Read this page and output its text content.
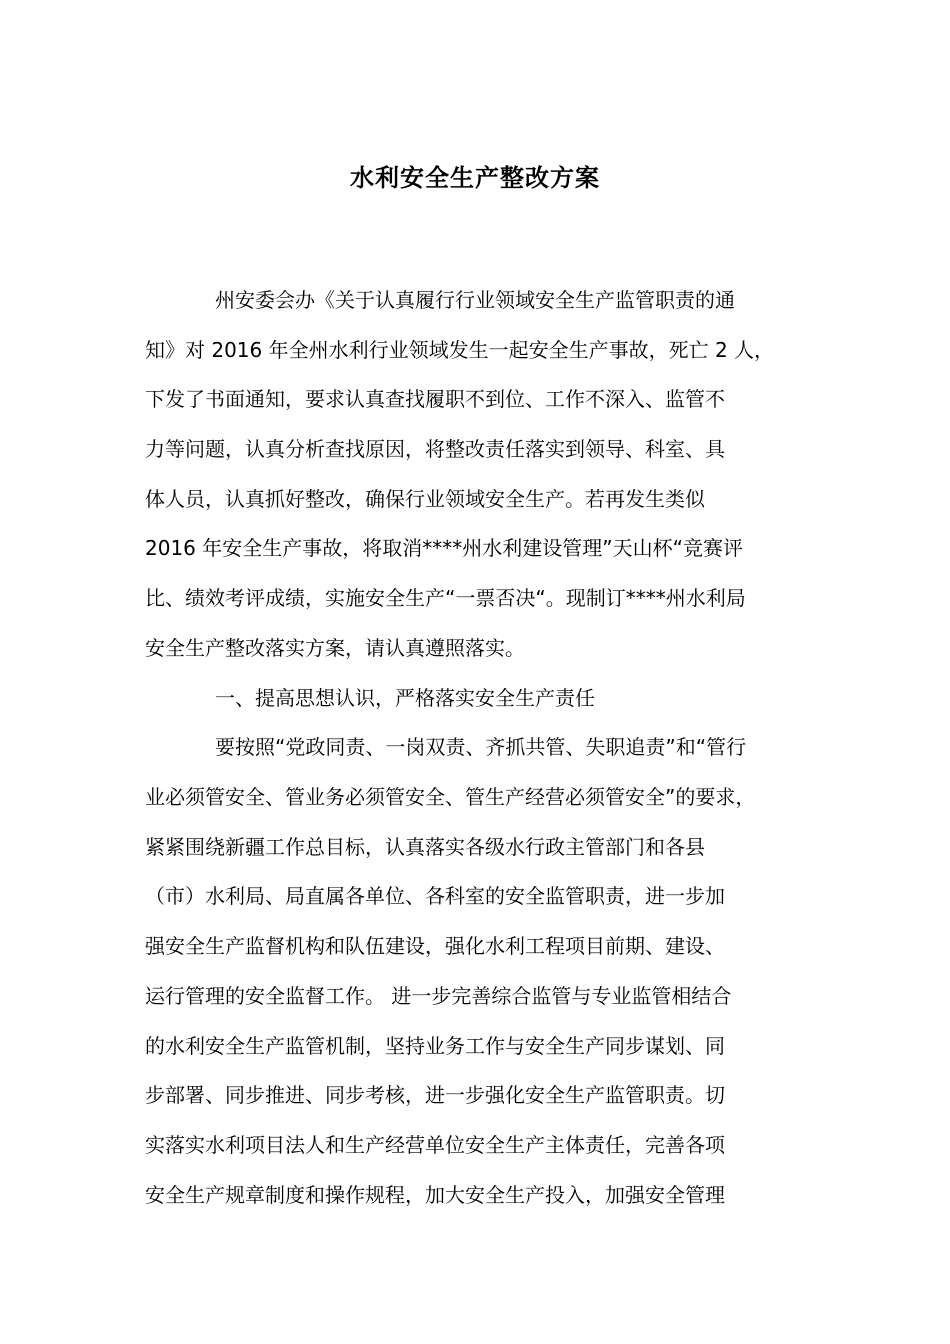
水利安全生产整改方案
州安委会办《关于认真履行行业领域安全生产监管职责的通
知》对 2016 年全州水利行业领域发生一起安全生产事故，死亡 2 人，
下发了书面通知，要求认真查找履职不到位、工作不深入、监管不
力等问题，认真分析查找原因，将整改责任落实到领导、科室、具
体人员，认真抓好整改，确保行业领域安全生产。若再发生类似
2016 年安全生产事故，将取消****州水利建设管理”天山杯“竞赛评
比、绩效考评成绩，实施安全生产“一票否决“。现制订****州水利局
安全生产整改落实方案，请认真遵照落实。
一、提高思想认识，严格落实安全生产责任
要按照“党政同责、一岗双责、齐抓共管、失职追责”和“管行
业必须管安全、管业务必须管安全、管生产经营必须管安全”的要求，
紧紧围绕新疆工作总目标，认真落实各级水行政主管部门和各县
（市）水利局、局直属各单位、各科室的安全监管职责，进一步加
强安全生产监督机构和队伍建设，强化水利工程项目前期、建设、
运行管理的安全监督工作。 进一步完善综合监管与专业监管相结合
的水利安全生产监管机制，坚持业务工作与安全生产同步谋划、同
步部署、同步推进、同步考核，进一步强化安全生产监管职责。切
实落实水利项目法人和生产经营单位安全生产主体责任，完善各项
安全生产规章制度和操作规程，加大安全生产投入，加强安全管理
